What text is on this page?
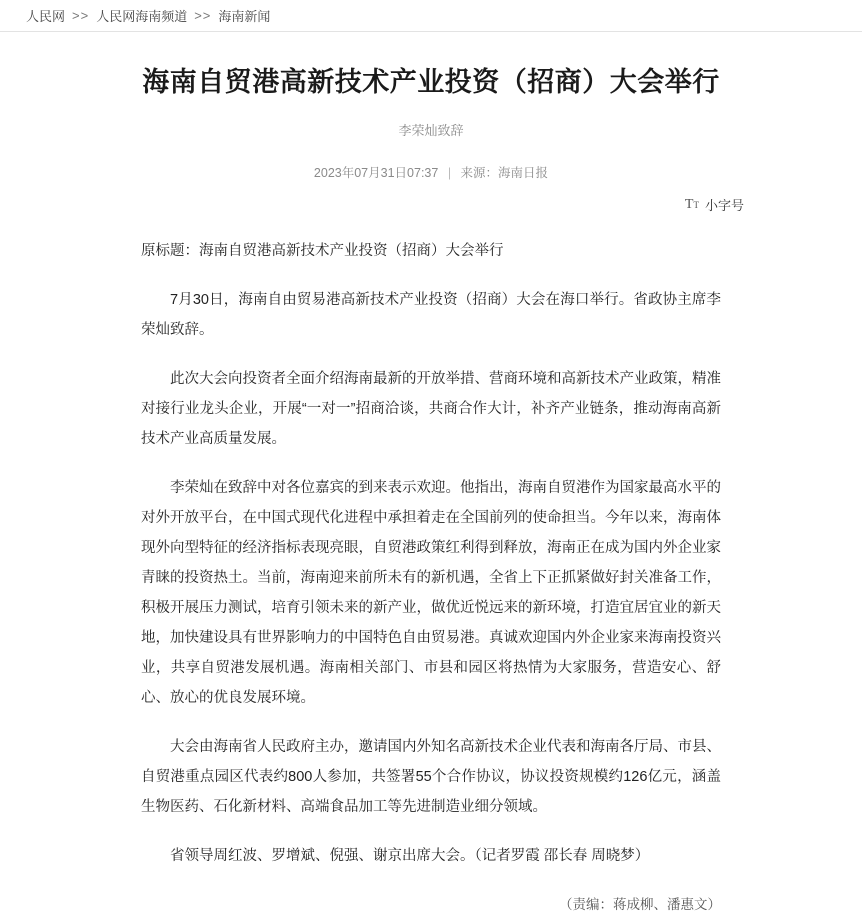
人民网 >> 人民网海南频道 >> 海南新闻
海南自贸港高新技术产业投资（招商）大会举行
李荣灿致辞
2023年07月31日07:37 | 来源：海南日报
TT 小字号

原标题：海南自贸港高新技术产业投资（招商）大会举行

7月30日，海南自由贸易港高新技术产业投资（招商）大会在海口举行。省政协主席李荣灿致辞。

此次大会向投资者全面介绍海南最新的开放举措、营商环境和高新技术产业政策，精准对接行业龙头企业，开展“一对一”招商洽谈，共商合作大计，补齐产业链条，推动海南高新技术产业高质量发展。

李荣灿在致辞中对各位嘉宾的到来表示欢迎。他指出，海南自贸港作为国家最高水平的对外开放平台，在中国式现代化进程中承担着走在全国前列的使命担当。今年以来，海南体现外向型特征的经济指标表现亮眼，自贸港政策红利得到释放，海南正在成为国内外企业家青睐的投资热土。当前，海南迎来前所未有的新机遇，全省上下正抓紧做好封关准备工作，积极开展压力测试，培育引领未来的新产业，做优近悦远来的新环境，打造宜居宜业的新天地，加快建设具有世界影响力的中国特色自由贸易港。真诚欢迎国内外企业家来海南投资兴业，共享自贸港发展机遇。海南相关部门、市县和园区将热情为大家服务，营造安心、舒心、放心的优良发展环境。

大会由海南省人民政府主办，邀请国内外知名高新技术企业代表和海南各厅局、市县、自贸港重点园区代表约800人参加，共签署55个合作协议，协议投资规模约126亿元，涵盖生物医药、石化新材料、高端食品加工等先进制造业细分领域。

省领导周红波、罗增斌、倪强、谢京出席大会。（记者罗霞 邵长春 周晓梦）

（责编：蒋成柳、潘惠文）
